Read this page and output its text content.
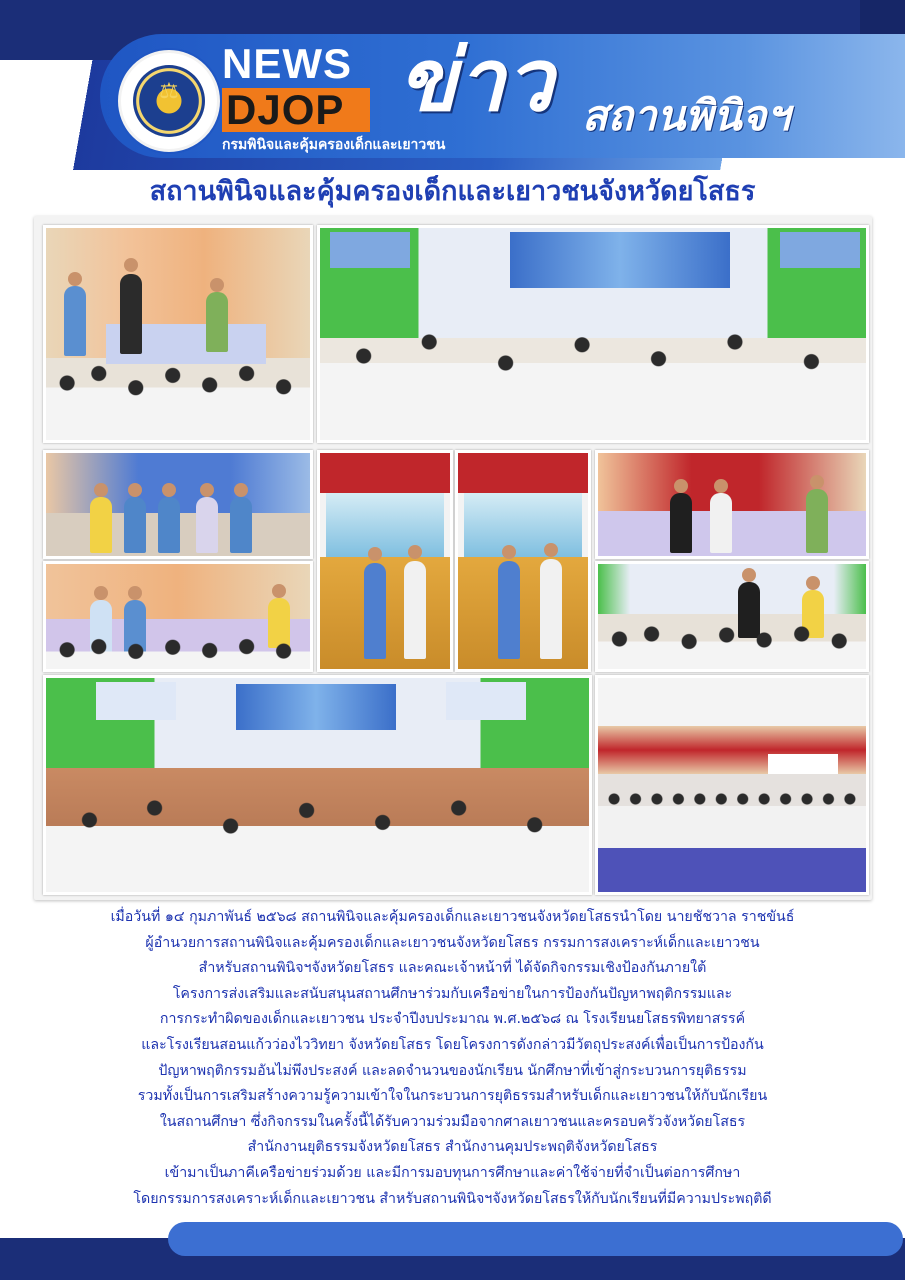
⚖
NEWS
DJOP
กรมพินิจและคุ้มครองเด็กและเยาวชน
ข่าว สถานพินิจฯ
สถานพินิจและคุ้มครองเด็กและเยาวชนจังหวัดยโสธร
เมื่อวันที่ ๑๔ กุมภาพันธ์ ๒๕๖๘ สถานพินิจและคุ้มครองเด็กและเยาวชนจังหวัดยโสธรนำโดย นายชัชวาล ราชขันธ์
ผู้อำนวยการสถานพินิจและคุ้มครองเด็กและเยาวชนจังหวัดยโสธร กรรมการสงเคราะห์เด็กและเยาวชน
สำหรับสถานพินิจฯจังหวัดยโสธร และคณะเจ้าหน้าที่ ได้จัดกิจกรรมเชิงป้องกันภายใต้
โครงการส่งเสริมและสนับสนุนสถานศึกษาร่วมกับเครือข่ายในการป้องกันปัญหาพฤติกรรมและ
การกระทำผิดของเด็กและเยาวชน ประจำปีงบประมาณ พ.ศ.๒๕๖๘ ณ โรงเรียนยโสธรพิทยาสรรค์
และโรงเรียนสอนแก้วว่องไววิทยา จังหวัดยโสธร โดยโครงการดังกล่าวมีวัตถุประสงค์เพื่อเป็นการป้องกัน
ปัญหาพฤติกรรมอันไม่พึงประสงค์ และลดจำนวนของนักเรียน นักศึกษาที่เข้าสู่กระบวนการยุติธรรม
รวมทั้งเป็นการเสริมสร้างความรู้ความเข้าใจในกระบวนการยุติธรรมสำหรับเด็กและเยาวชนให้กับนักเรียน
ในสถานศึกษา ซึ่งกิจกรรมในครั้งนี้ได้รับความร่วมมือจากศาลเยาวชนและครอบครัวจังหวัดยโสธร
สำนักงานยุติธรรมจังหวัดยโสธร สำนักงานคุมประพฤติจังหวัดยโสธร
เข้ามาเป็นภาคีเครือข่ายร่วมด้วย และมีการมอบทุนการศึกษาและค่าใช้จ่ายที่จำเป็นต่อการศึกษา
โดยกรรมการสงเคราะห์เด็กและเยาวชน สำหรับสถานพินิจฯจังหวัดยโสธรให้กับนักเรียนที่มีความประพฤติดี
